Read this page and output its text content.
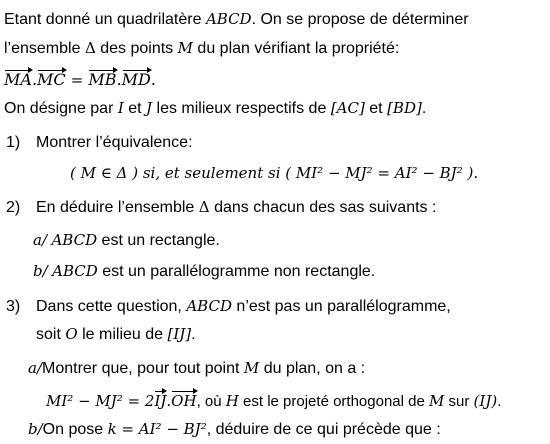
Etant donné un quadrilatère ABCD. On se propose de déterminer
l’ensemble Δ des points M du plan vérifiant la propriété:
MA.MC = MB.MD.
On désigne par I et J les milieux respectifs de [AC] et [BD].
1) Montrer l’équivalence:
( M ∈ Δ ) si, et seulement si ( MI² − MJ² = AI² − BJ² ).
2) En déduire l’ensemble Δ dans chacun des sas suivants :
a/ ABCD est un rectangle.
b/ ABCD est un parallélogramme non rectangle.
3) Dans cette question, ABCD n’est pas un parallélogramme,
soit O le milieu de [IJ].
a/Montrer que, pour tout point M du plan, on a :
MI² − MJ² = 2IJ.OH, où H est le projeté orthogonal de M sur (IJ).
b/On pose k = AI² − BJ², déduire de ce qui précède que :
